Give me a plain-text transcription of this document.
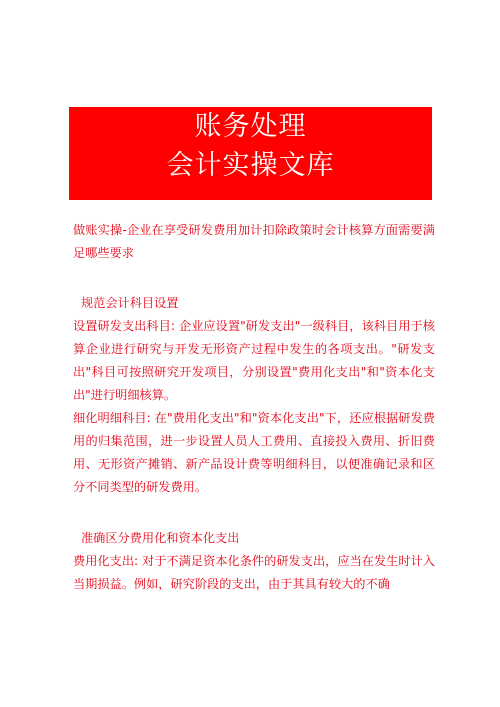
账务处理
会计实操文库

做账实操-企业在享受研发费用加计扣除政策时会计核算方面需要满足哪些要求

规范会计科目设置

设置研发支出科目: 企业应设置"研发支出"一级科目，该科目用于核算企业进行研究与开发无形资产过程中发生的各项支出。"研发支出"科目可按照研究开发项目，分别设置"费用化支出"和"资本化支出"进行明细核算。

细化明细科目: 在"费用化支出"和"资本化支出"下，还应根据研发费用的归集范围，进一步设置人员人工费用、直接投入费用、折旧费用、无形资产摊销、新产品设计费等明细科目，以便准确记录和区分不同类型的研发费用。

准确区分费用化和资本化支出

费用化支出: 对于不满足资本化条件的研发支出，应当在发生时计入当期损益。例如，研究阶段的支出，由于其具有较大的不确
